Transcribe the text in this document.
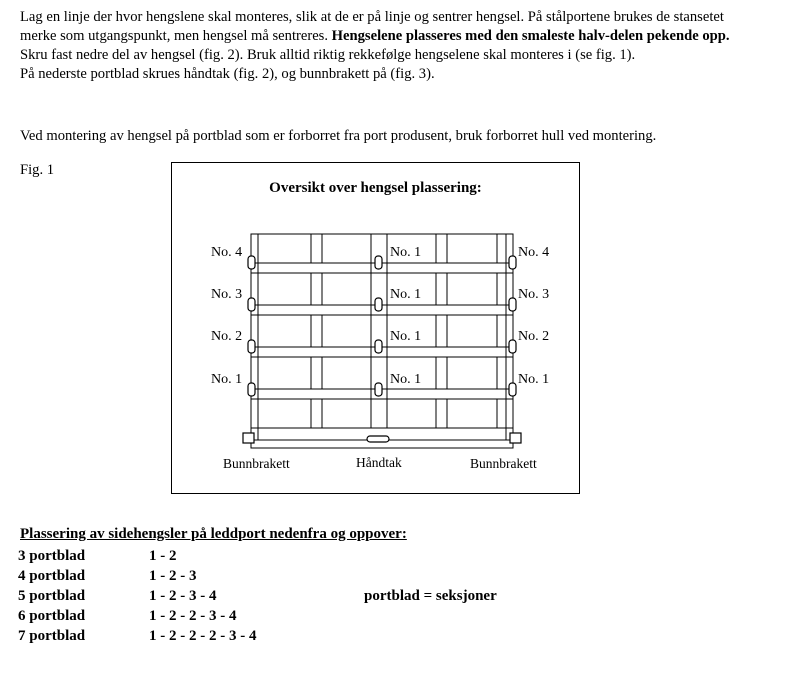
Lag en linje der hvor hengslene skal monteres, slik at de er på linje og sentrer hengsel. På stålportene brukes de stansetet merke som utgangspunkt, men hengsel må sentreres. Hengselene plasseres med den smaleste halv-delen pekende opp. Skru fast nedre del av hengsel (fig. 2). Bruk alltid riktig rekkefølge hengselene skal monteres i (se fig. 1).
På nederste portblad skrues håndtak (fig. 2), og bunnbrakett på (fig. 3).
Ved montering av hengsel på portblad som er forborret fra port produsent, bruk forborret hull ved montering.
Fig. 1
Oversikt over hengsel plassering:
No. 4
No. 3
No. 2
No. 1
No. 1
No. 1
No. 1
No. 1
No. 4
No. 3
No. 2
No. 1
Bunnbrakett	Håndtak	Bunnbrakett
Plassering av sidehengsler på leddport nedenfra og oppover:
3 portblad	1 - 2
4 portblad	1 - 2 - 3
5 portblad	1 - 2 - 3 - 4
6 portblad	1 - 2 - 2 - 3 - 4
7 portblad	1 - 2 - 2 - 2 - 3 - 4
portblad = seksjoner
